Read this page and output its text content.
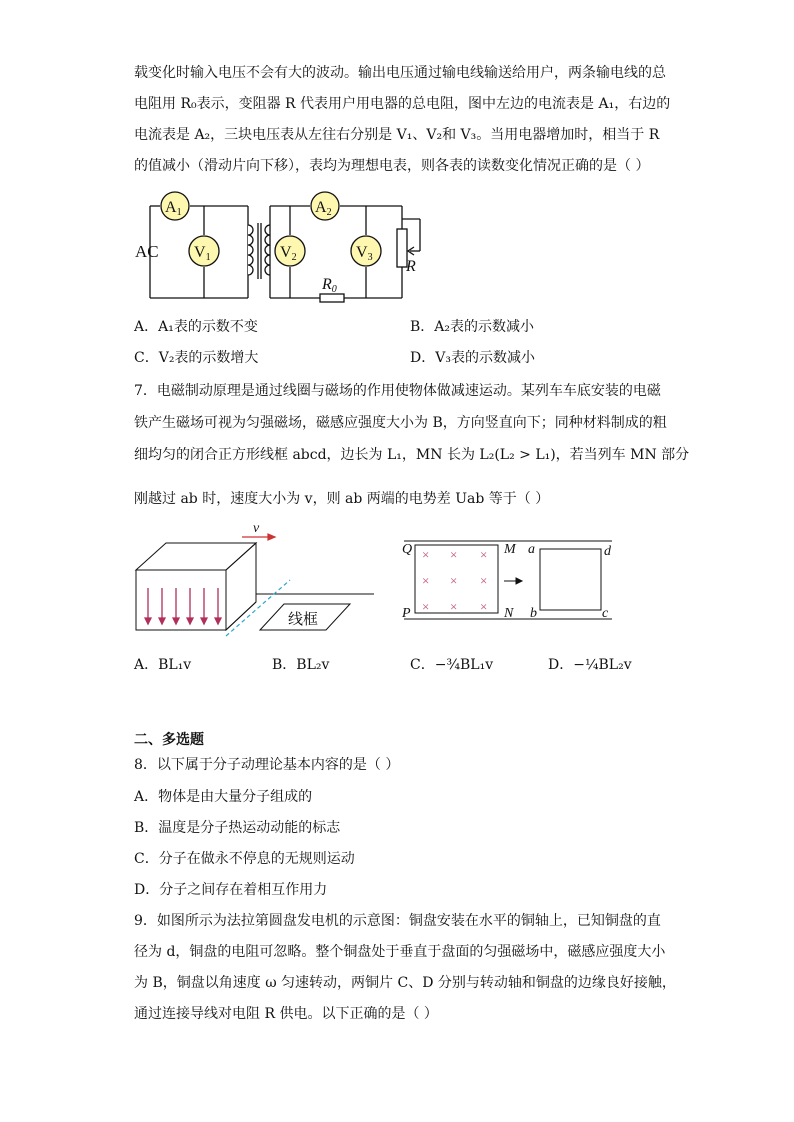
载变化时输入电压不会有大的波动。输出电压通过输电线输送给用户，两条输电线的总
电阻用 R₀表示，变阻器 R 代表用户用电器的总电阻，图中左边的电流表是 A₁，右边的
电流表是 A₂，三块电压表从左往右分别是 V₁、V₂和 V₃。当用电器增加时，相当于 R
的值减小（滑动片向下移），表均为理想电表，则各表的读数变化情况正确的是（ ）
A1
V1	V2
A2
V3
AC
R0
R
A．A₁表的示数不变	B．A₂表的示数减小
C．V₂表的示数增大	D．V₃表的示数减小
7．电磁制动原理是通过线圈与磁场的作用使物体做减速运动。某列车车底安装的电磁
铁产生磁场可视为匀强磁场，磁感应强度大小为 B，方向竖直向下；同种材料制成的粗
细均匀的闭合正方形线框 abcd，边长为 L₁，MN 长为 L₂(L₂ > L₁)，若当列车 MN 部分
刚越过 ab 时，速度大小为 v，则 ab 两端的电势差 Uab 等于（ ）
v
线框
× × ×
× × ×
× × ×
Q	M
P	N
a	d
b	c
A．BL₁v	B．BL₂v	C．−¾BL₁v	D．−¼BL₂v
二、多选题
8．以下属于分子动理论基本内容的是（ ）
A．物体是由大量分子组成的
B．温度是分子热运动动能的标志
C．分子在做永不停息的无规则运动
D．分子之间存在着相互作用力
9．如图所示为法拉第圆盘发电机的示意图：铜盘安装在水平的铜轴上，已知铜盘的直
径为 d，铜盘的电阻可忽略。整个铜盘处于垂直于盘面的匀强磁场中，磁感应强度大小
为 B，铜盘以角速度 ω 匀速转动，两铜片 C、D 分别与转动轴和铜盘的边缘良好接触，
通过连接导线对电阻 R 供电。以下正确的是（ ）
